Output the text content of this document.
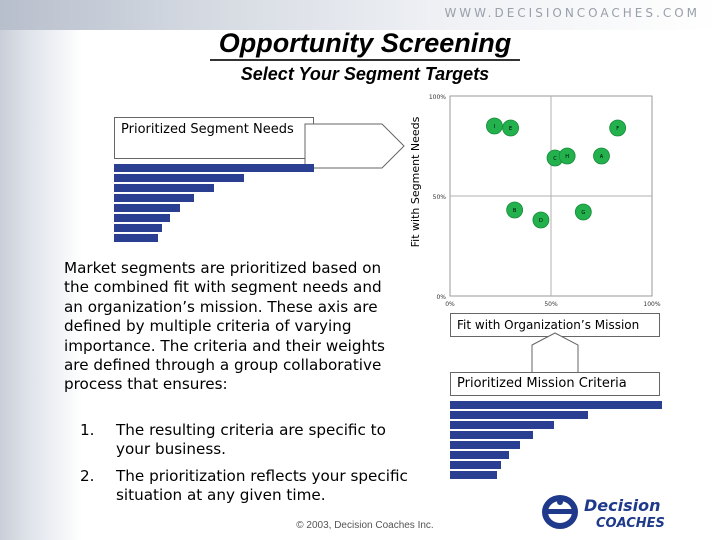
WWW.DECISIONCOACHES.COM
Opportunity Screening
Select Your Segment Targets
Prioritized Segment Needs
Market segments are prioritized based on the combined fit with segment needs and an organization’s mission. These axis are defined by multiple criteria of varying importance. The criteria and their weights are defined through a group collaborative process that ensures:
1. The resulting criteria are specific to your business.
2. The prioritization reflects your specific situation at any given time.
Fit with Segment Needs
100%
50%
0%
0%	50%	100%
I	E	F
C H	A
B
D
G
Fit with Organization’s Mission
Prioritized Mission Criteria
© 2003, Decision Coaches Inc.
Decision
COACHES
